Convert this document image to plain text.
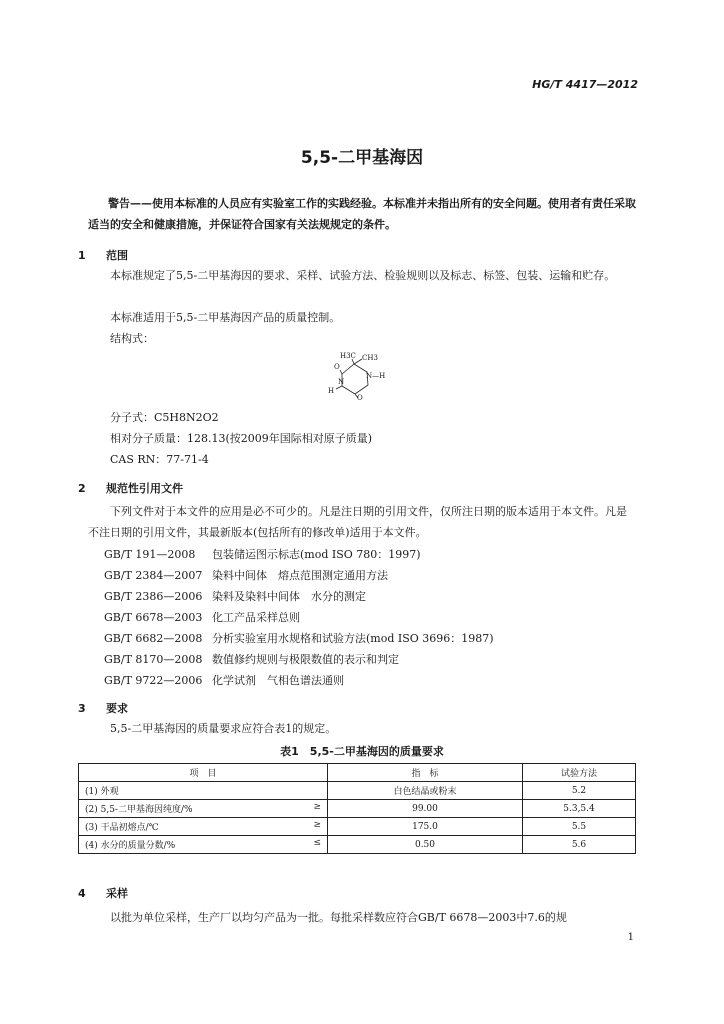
HG/T 4417—2012
5,5-二甲基海因
警告——使用本标准的人员应有实验室工作的实践经验。本标准并未指出所有的安全问题。使用者有责任采取适当的安全和健康措施，并保证符合国家有关法规规定的条件。
1 范围
本标准规定了5,5-二甲基海因的要求、采样、试验方法、检验规则以及标志、标签、包装、运输和贮存。
本标准适用于5,5-二甲基海因产品的质量控制。
结构式：
H3C CH3
O
N—H
N
H
O
分子式：C5H8N2O2
相对分子质量：128.13(按2009年国际相对原子质量)
CAS RN：77-71-4
2 规范性引用文件
下列文件对于本文件的应用是必不可少的。凡是注日期的引用文件，仅所注日期的版本适用于本文件。凡是不注日期的引用文件，其最新版本(包括所有的修改单)适用于本文件。
GB/T 191—2008 包装储运图示标志(mod ISO 780：1997)
GB/T 2384—2007 染料中间体　熔点范围测定通用方法
GB/T 2386—2006 染料及染料中间体　水分的测定
GB/T 6678—2003 化工产品采样总则
GB/T 6682—2008 分析实验室用水规格和试验方法(mod ISO 3696：1987)
GB/T 8170—2008 数值修约规则与极限数值的表示和判定
GB/T 9722—2006 化学试剂　气相色谱法通则
3 要求
5,5-二甲基海因的质量要求应符合表1的规定。
表1　5,5-二甲基海因的质量要求
项　目	指　标	试验方法
(1) 外观	白色结晶或粉末	5.2
(2) 5,5-二甲基海因纯度/% ≥	99.00	5.3,5.4
(3) 干品初熔点/℃ ≥	175.0	5.5
(4) 水分的质量分数/% ≤	0.50	5.6
4 采样
以批为单位采样，生产厂以均匀产品为一批。每批采样数应符合GB/T 6678—2003中7.6的规
1
